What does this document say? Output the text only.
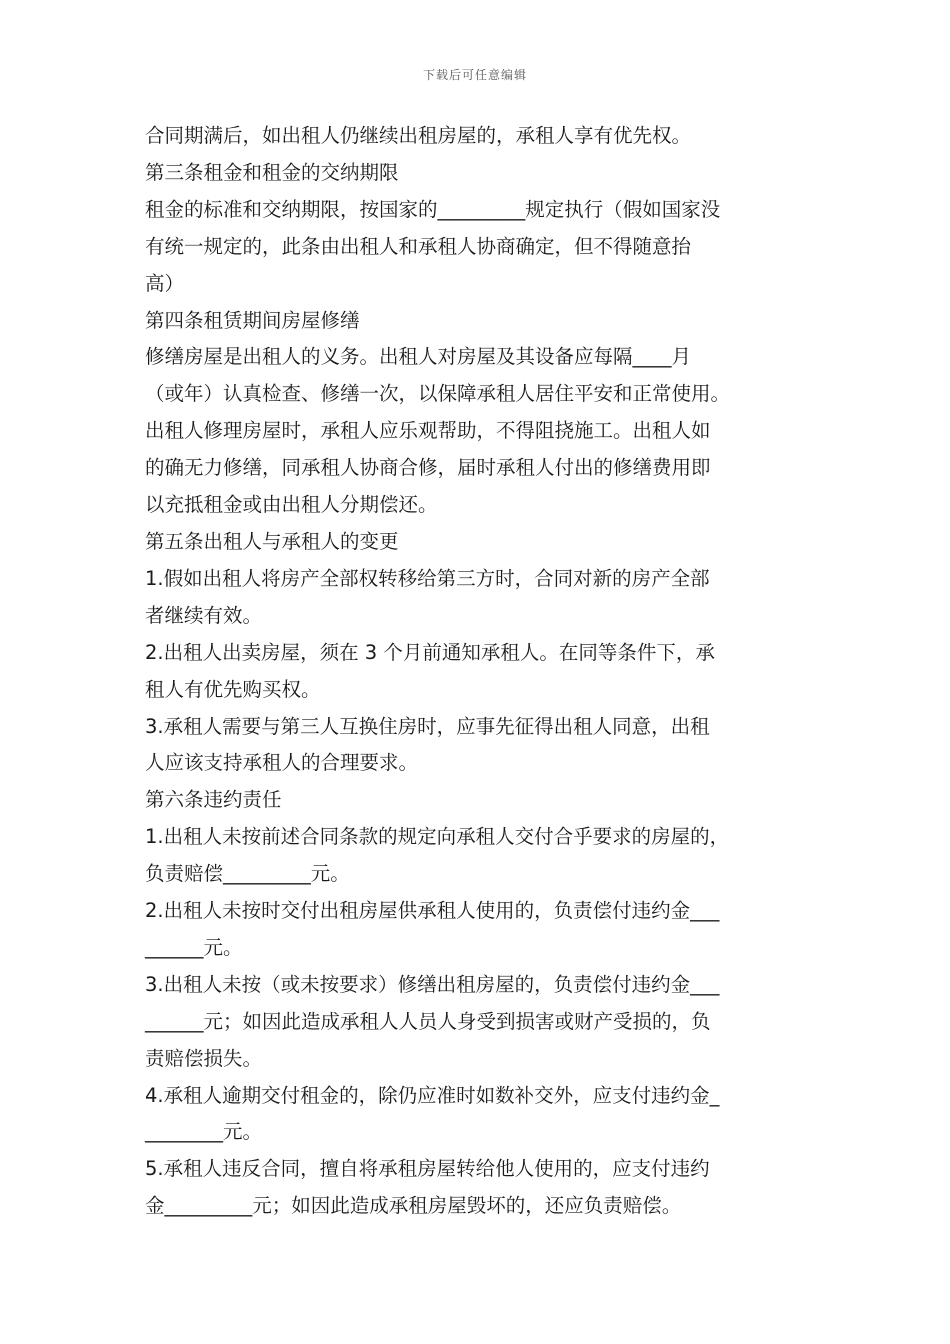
下载后可任意编辑
合同期满后，如出租人仍继续出租房屋的，承租人享有优先权。
第三条租金和租金的交纳期限
租金的标准和交纳期限，按国家的_________规定执行（假如国家没
有统一规定的，此条由出租人和承租人协商确定，但不得随意抬
高）
第四条租赁期间房屋修缮
修缮房屋是出租人的义务。出租人对房屋及其设备应每隔____月
（或年）认真检查、修缮一次，以保障承租人居住平安和正常使用。
出租人修理房屋时，承租人应乐观帮助，不得阻挠施工。出租人如
的确无力修缮，同承租人协商合修，届时承租人付出的修缮费用即
以充抵租金或由出租人分期偿还。
第五条出租人与承租人的变更
1.假如出租人将房产全部权转移给第三方时，合同对新的房产全部
者继续有效。
2.出租人出卖房屋，须在 3 个月前通知承租人。在同等条件下，承
租人有优先购买权。
3.承租人需要与第三人互换住房时，应事先征得出租人同意，出租
人应该支持承租人的合理要求。
第六条违约责任
1.出租人未按前述合同条款的规定向承租人交付合乎要求的房屋的，
负责赔偿_________元。
2.出租人未按时交付出租房屋供承租人使用的，负责偿付违约金___
______元。
3.出租人未按（或未按要求）修缮出租房屋的，负责偿付违约金___
______元；如因此造成承租人人员人身受到损害或财产受损的，负
责赔偿损失。
4.承租人逾期交付租金的，除仍应准时如数补交外，应支付违约金_
________元。
5.承租人违反合同，擅自将承租房屋转给他人使用的，应支付违约
金_________元；如因此造成承租房屋毁坏的，还应负责赔偿。
